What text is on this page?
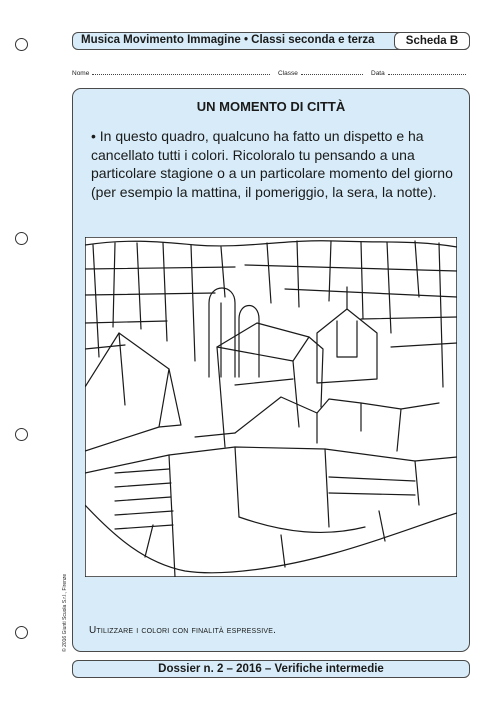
Musica Movimento Immagine • Classi seconda e terza	Scheda B
Nome	Classe	Data
UN MOMENTO DI CITTÀ

• In questo quadro, qualcuno ha fatto un dispetto e ha cancellato tutti i colori. Ricoloralo tu pensando a una particolare stagione o a un particolare momento del giorno (per esempio la mattina, il pomeriggio, la sera, la notte).

Utilizzare i colori con finalità espressive.
© 2016 Giunti Scuola S.r.l., Firenze
Dossier n. 2 – 2016 – Verifiche intermedie
